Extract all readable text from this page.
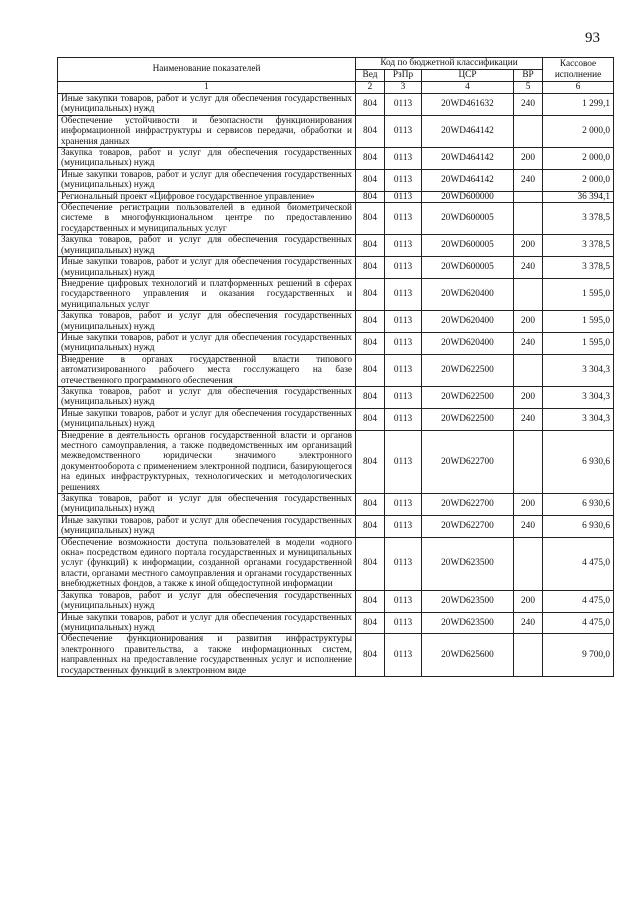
93
Наименование показателей	Код по бюджетной классификации				Кассовое исполнение
	Вед	РзПр	ЦСР	ВР	
1	2	3	4	5	6
Иные закупки товаров, работ и услуг для обеспечения государственных (муниципальных) нужд	804	0113	20WD461632	240	1 299,1
Обеспечение устойчивости и безопасности функционирования информационной инфраструктуры и сервисов передачи, обработки и хранения данных	804	0113	20WD464142		2 000,0
Закупка товаров, работ и услуг для обеспечения государственных (муниципальных) нужд	804	0113	20WD464142	200	2 000,0
Иные закупки товаров, работ и услуг для обеспечения государственных (муниципальных) нужд	804	0113	20WD464142	240	2 000,0
Региональный проект «Цифровое государственное управление»	804	0113	20WD600000		36 394,1
Обеспечение регистрации пользователей в единой биометрической системе в многофункциональном центре по предоставлению государственных и муниципальных услуг	804	0113	20WD600005		3 378,5
Закупка товаров, работ и услуг для обеспечения государственных (муниципальных) нужд	804	0113	20WD600005	200	3 378,5
Иные закупки товаров, работ и услуг для обеспечения государственных (муниципальных) нужд	804	0113	20WD600005	240	3 378,5
Внедрение цифровых технологий и платформенных решений в сферах государственного управления и оказания государственных и муниципальных услуг	804	0113	20WD620400		1 595,0
Закупка товаров, работ и услуг для обеспечения государственных (муниципальных) нужд	804	0113	20WD620400	200	1 595,0
Иные закупки товаров, работ и услуг для обеспечения государственных (муниципальных) нужд	804	0113	20WD620400	240	1 595,0
Внедрение в органах государственной власти типового автоматизированного рабочего места госслужащего на базе отечественного программного обеспечения	804	0113	20WD622500		3 304,3
Закупка товаров, работ и услуг для обеспечения государственных (муниципальных) нужд	804	0113	20WD622500	200	3 304,3
Иные закупки товаров, работ и услуг для обеспечения государственных (муниципальных) нужд	804	0113	20WD622500	240	3 304,3
Внедрение в деятельность органов государственной власти и органов местного самоуправления, а также подведомственных им организаций межведомственного юридически значимого электронного документооборота с применением электронной подписи, базирующегося на единых инфраструктурных, технологических и методологических решениях	804	0113	20WD622700		6 930,6
Закупка товаров, работ и услуг для обеспечения государственных (муниципальных) нужд	804	0113	20WD622700	200	6 930,6
Иные закупки товаров, работ и услуг для обеспечения государственных (муниципальных) нужд	804	0113	20WD622700	240	6 930,6
Обеспечение возможности доступа пользователей в модели «одного окна» посредством единого портала государственных и муниципальных услуг (функций) к информации, созданной органами государственной власти, органами местного самоуправления и органами государственных внебюджетных фондов, а также к иной общедоступной информации	804	0113	20WD623500		4 475,0
Закупка товаров, работ и услуг для обеспечения государственных (муниципальных) нужд	804	0113	20WD623500	200	4 475,0
Иные закупки товаров, работ и услуг для обеспечения государственных (муниципальных) нужд	804	0113	20WD623500	240	4 475,0
Обеспечение функционирования и развития инфраструктуры электронного правительства, а также информационных систем, направленных на предоставление государственных услуг и исполнение государственных функций в электронном виде	804	0113	20WD625600		9 700,0
